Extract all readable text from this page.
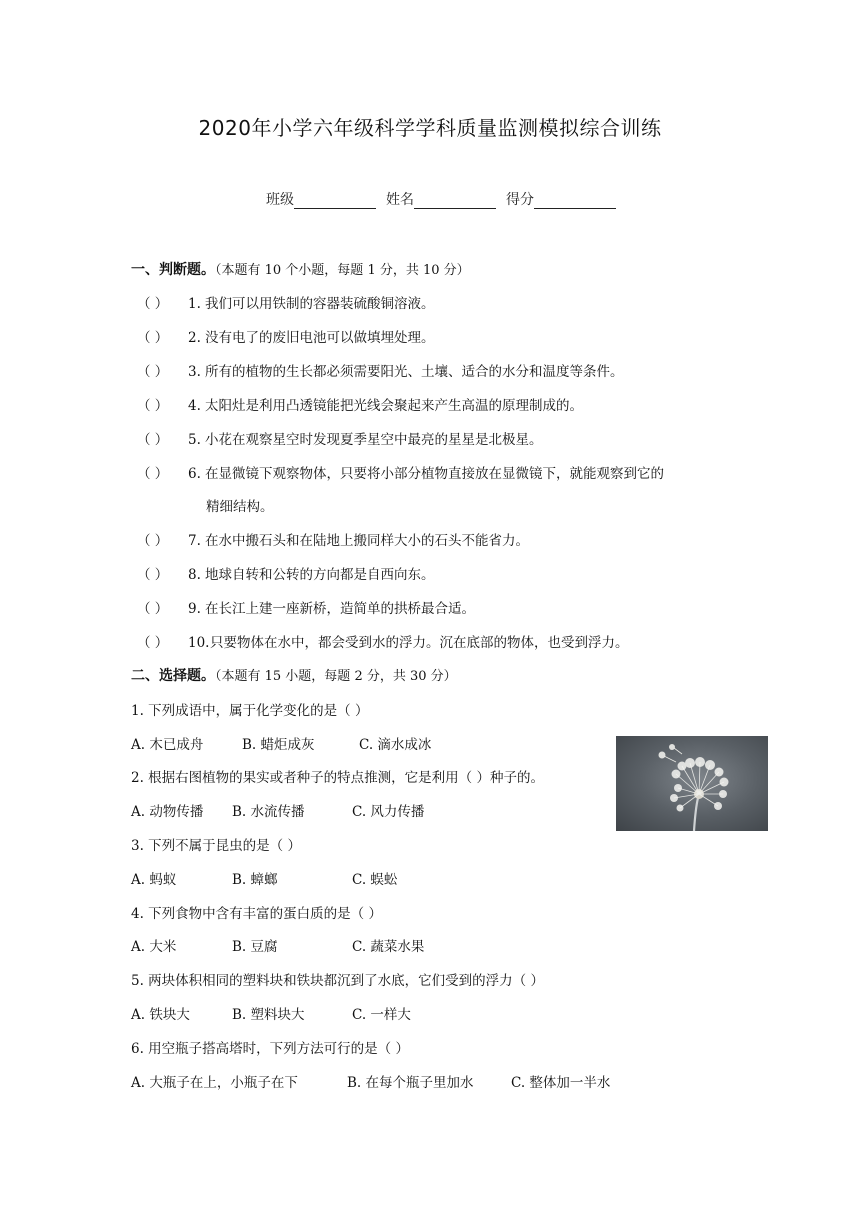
2020年小学六年级科学学科质量监测模拟综合训练
班级	姓名	得分
一、判断题。（本题有 10 个小题，每题 1 分，共 10 分）
（ ）	1. 我们可以用铁制的容器装硫酸铜溶液。
（ ）	2. 没有电了的废旧电池可以做填埋处理。
（ ）	3. 所有的植物的生长都必须需要阳光、土壤、适合的水分和温度等条件。
（ ）	4. 太阳灶是利用凸透镜能把光线会聚起来产生高温的原理制成的。
（ ）	5. 小花在观察星空时发现夏季星空中最亮的星星是北极星。
（ ）	6. 在显微镜下观察物体，只要将小部分植物直接放在显微镜下，就能观察到它的
精细结构。
（ ）	7. 在水中搬石头和在陆地上搬同样大小的石头不能省力。
（ ）	8. 地球自转和公转的方向都是自西向东。
（ ）	9. 在长江上建一座新桥，造简单的拱桥最合适。
（ ）	10. 只要物体在水中，都会受到水的浮力。沉在底部的物体，也受到浮力。
二、选择题。（本题有 15 小题，每题 2 分，共 30 分）
1. 下列成语中，属于化学变化的是（ ）
A. 木已成舟	B. 蜡炬成灰	C. 滴水成冰
2. 根据右图植物的果实或者种子的特点推测，它是利用（ ）种子的。
A. 动物传播 B. 水流传播	C. 风力传播
3. 下列不属于昆虫的是（ ）
A. 蚂蚁	B. 蟑螂	C. 蜈蚣
4. 下列食物中含有丰富的蛋白质的是（ ）
A. 大米	B. 豆腐	C. 蔬菜水果
5. 两块体积相同的塑料块和铁块都沉到了水底，它们受到的浮力（ ）
A. 铁块大	B. 塑料块大	C. 一样大
6. 用空瓶子搭高塔时，下列方法可行的是（ ）
A. 大瓶子在上，小瓶子在下	B. 在每个瓶子里加水	C. 整体加一半水
